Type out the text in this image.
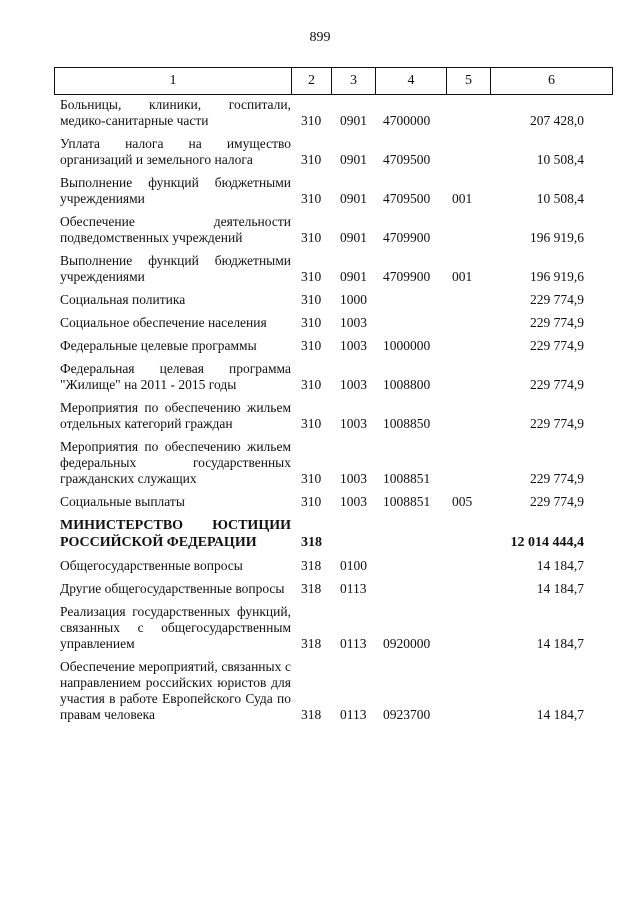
899
1	2	3	4	5	6
Больницы, клиники, госпитали, медико-санитарные части	310 0901 4700000	207 428,0
Уплата налога на имущество организаций и земельного налога	310 0901 4709500	10 508,4
Выполнение функций бюджетными учреждениями	310 0901 4709500 001	10 508,4
Обеспечение деятельности подведомственных учреждений	310 0901 4709900	196 919,6
Выполнение функций бюджетными учреждениями	310 0901 4709900 001	196 919,6
Социальная политика	310 1000	229 774,9
Социальное обеспечение населения	310 1003	229 774,9
Федеральные целевые программы	310 1003 1000000	229 774,9
Федеральная целевая программа "Жилище" на 2011 - 2015 годы	310 1003 1008800	229 774,9
Мероприятия по обеспечению жильем отдельных категорий граждан	310 1003 1008850	229 774,9
Мероприятия по обеспечению жильем федеральных государственных гражданских служащих	310 1003 1008851	229 774,9
Социальные выплаты	310 1003 1008851 005	229 774,9
МИНИСТЕРСТВО ЮСТИЦИИ РОССИЙСКОЙ ФЕДЕРАЦИИ	318	12 014 444,4
Общегосударственные вопросы	318 0100	14 184,7
Другие общегосударственные вопросы	318 0113	14 184,7
Реализация государственных функций, связанных с общегосударственным управлением	318 0113 0920000	14 184,7
Обеспечение мероприятий, связанных с направлением российских юристов для участия в работе Европейского Суда по правам человека	318 0113 0923700	14 184,7
